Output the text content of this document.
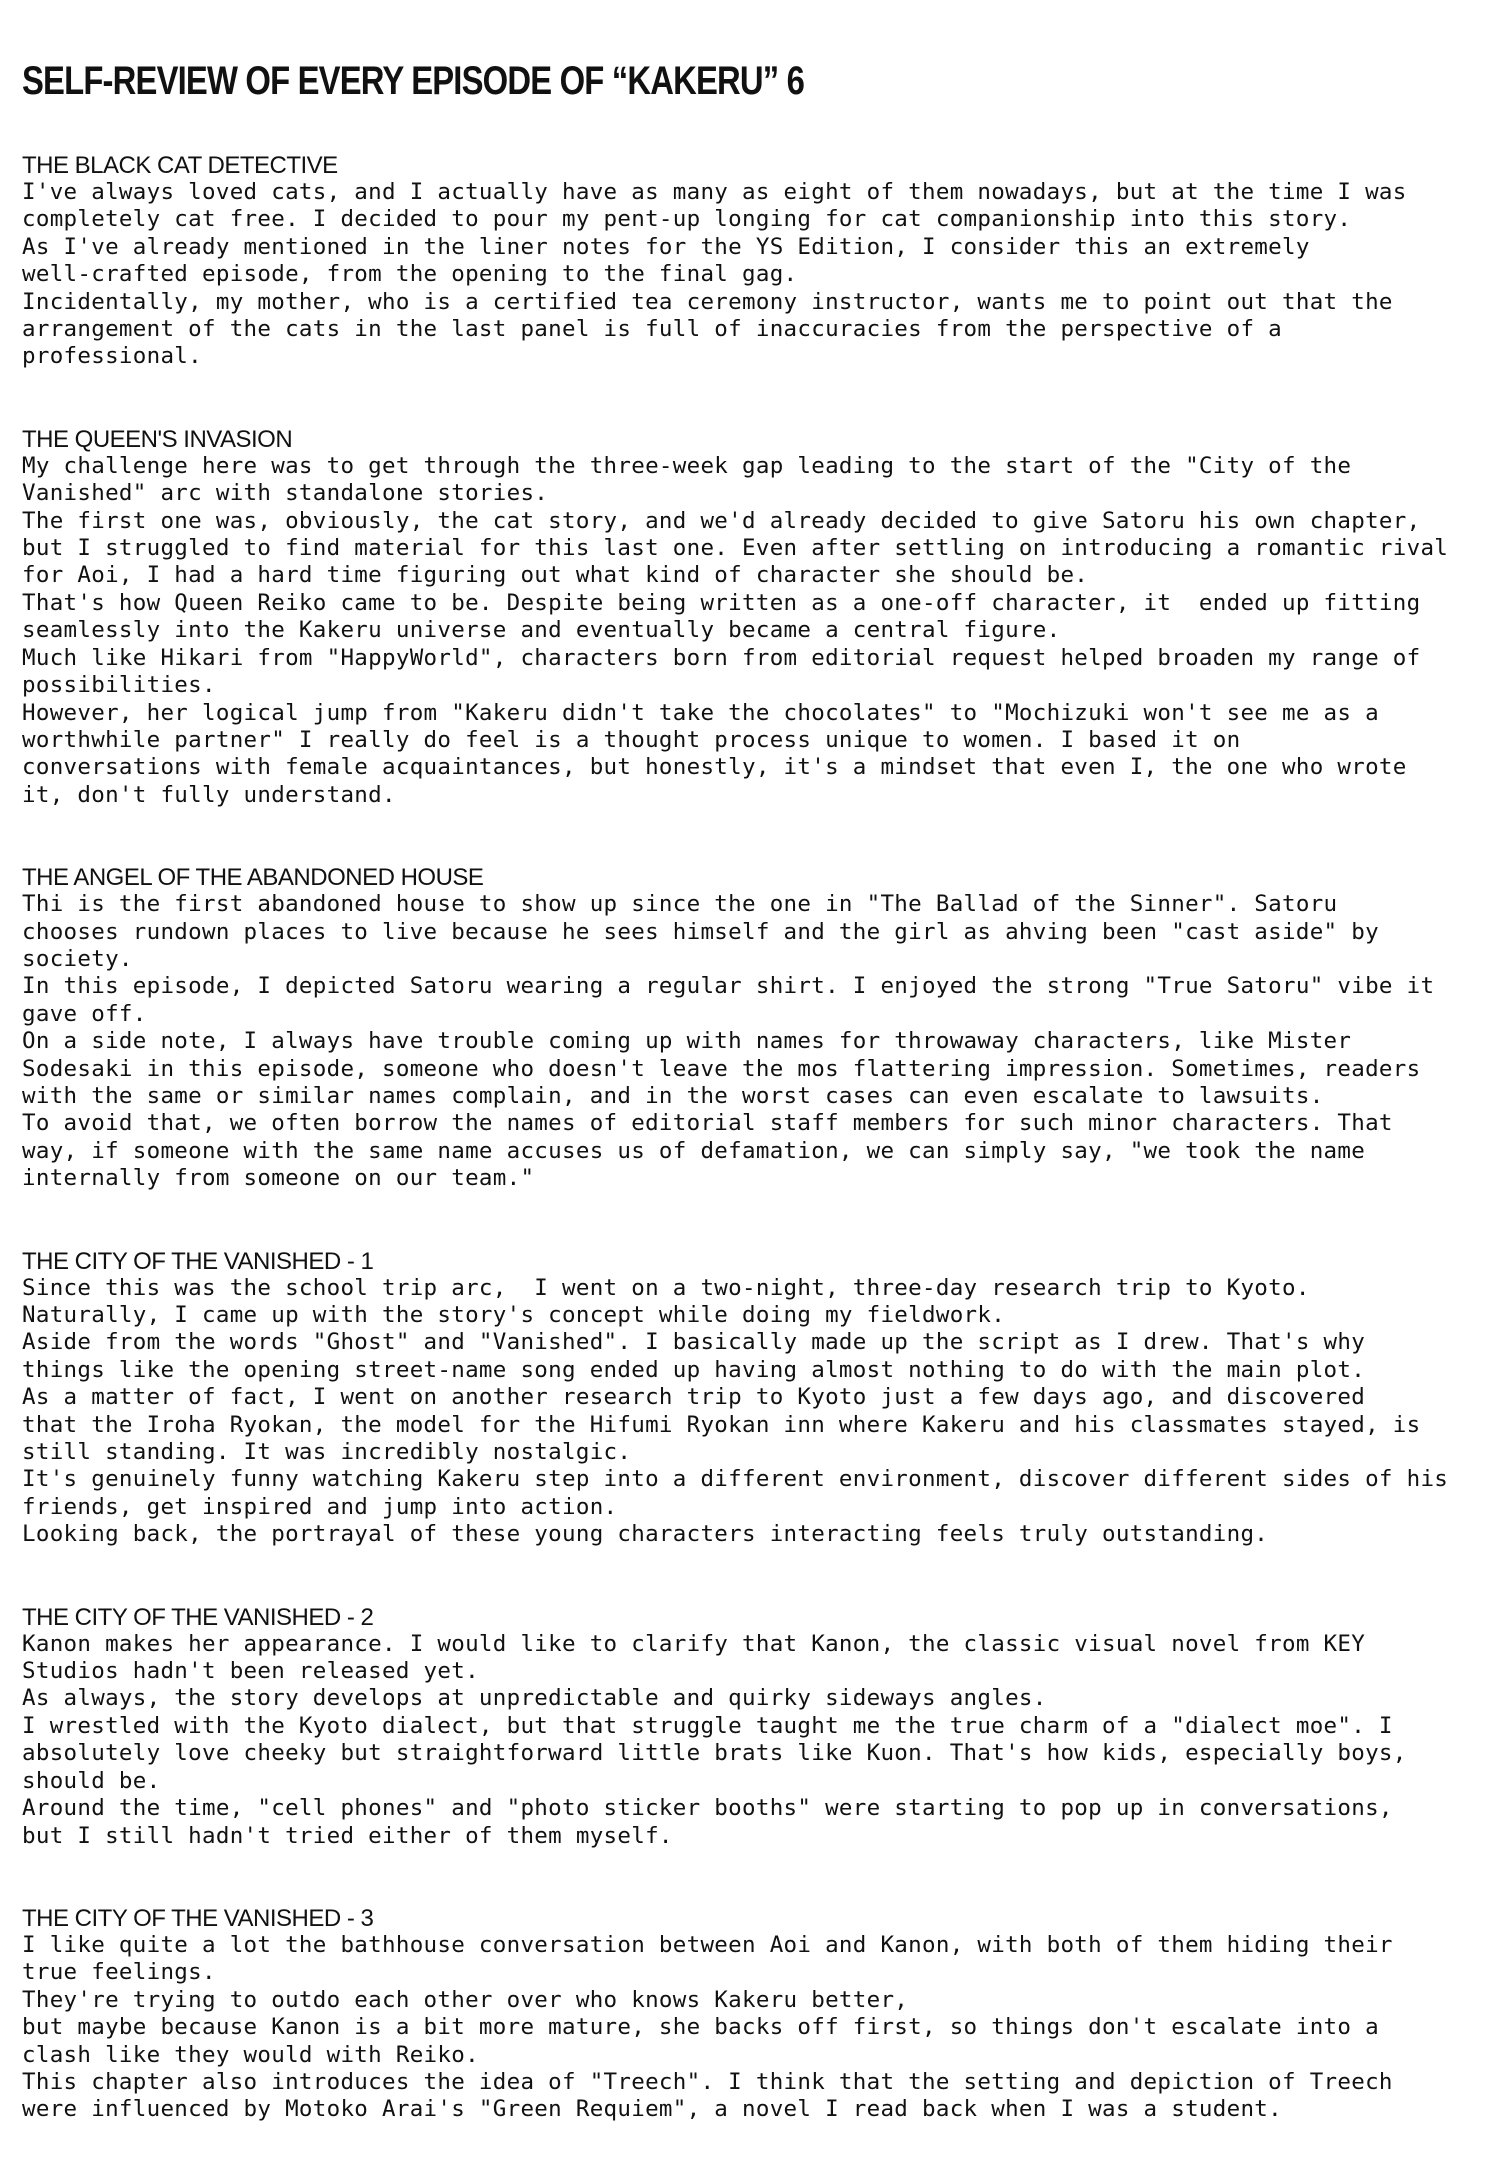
SELF-REVIEW OF EVERY EPISODE OF “KAKERU” 6
THE BLACK CAT DETECTIVE
I've always loved cats, and I actually have as many as eight of them nowadays, but at the time I was
completely cat free. I decided to pour my pent-up longing for cat companionship into this story.
As I've already mentioned in the liner notes for the YS Edition, I consider this an extremely
well-crafted episode, from the opening to the final gag.
Incidentally, my mother, who is a certified tea ceremony instructor, wants me to point out that the
arrangement of the cats in the last panel is full of inaccuracies from the perspective of a
professional.
THE QUEEN'S INVASION
My challenge here was to get through the three-week gap leading to the start of the "City of the
Vanished" arc with standalone stories.
The first one was, obviously, the cat story, and we'd already decided to give Satoru his own chapter,
but I struggled to find material for this last one. Even after settling on introducing a romantic rival
for Aoi, I had a hard time figuring out what kind of character she should be.
That's how Queen Reiko came to be. Despite being written as a one-off character, it  ended up fitting
seamlessly into the Kakeru universe and eventually became a central figure.
Much like Hikari from "HappyWorld", characters born from editorial request helped broaden my range of
possibilities.
However, her logical jump from "Kakeru didn't take the chocolates" to "Mochizuki won't see me as a
worthwhile partner" I really do feel is a thought process unique to women. I based it on
conversations with female acquaintances, but honestly, it's a mindset that even I, the one who wrote
it, don't fully understand.
THE ANGEL OF THE ABANDONED HOUSE
Thi is the first abandoned house to show up since the one in "The Ballad of the Sinner". Satoru
chooses rundown places to live because he sees himself and the girl as ahving been "cast aside" by
society.
In this episode, I depicted Satoru wearing a regular shirt. I enjoyed the strong "True Satoru" vibe it
gave off.
On a side note, I always have trouble coming up with names for throwaway characters, like Mister
Sodesaki in this episode, someone who doesn't leave the mos flattering impression. Sometimes, readers
with the same or similar names complain, and in the worst cases can even escalate to lawsuits.
To avoid that, we often borrow the names of editorial staff members for such minor characters. That
way, if someone with the same name accuses us of defamation, we can simply say, "we took the name
internally from someone on our team."
THE CITY OF THE VANISHED - 1
Since this was the school trip arc,  I went on a two-night, three-day research trip to Kyoto.
Naturally, I came up with the story's concept while doing my fieldwork.
Aside from the words "Ghost" and "Vanished". I basically made up the script as I drew. That's why
things like the opening street-name song ended up having almost nothing to do with the main plot.
As a matter of fact, I went on another research trip to Kyoto just a few days ago, and discovered
that the Iroha Ryokan, the model for the Hifumi Ryokan inn where Kakeru and his classmates stayed, is
still standing. It was incredibly nostalgic.
It's genuinely funny watching Kakeru step into a different environment, discover different sides of his
friends, get inspired and jump into action.
Looking back, the portrayal of these young characters interacting feels truly outstanding.
THE CITY OF THE VANISHED - 2
Kanon makes her appearance. I would like to clarify that Kanon, the classic visual novel from KEY
Studios hadn't been released yet.
As always, the story develops at unpredictable and quirky sideways angles.
I wrestled with the Kyoto dialect, but that struggle taught me the true charm of a "dialect moe". I
absolutely love cheeky but straightforward little brats like Kuon. That's how kids, especially boys,
should be.
Around the time, "cell phones" and "photo sticker booths" were starting to pop up in conversations,
but I still hadn't tried either of them myself.
THE CITY OF THE VANISHED - 3
I like quite a lot the bathhouse conversation between Aoi and Kanon, with both of them hiding their
true feelings.
They're trying to outdo each other over who knows Kakeru better,
but maybe because Kanon is a bit more mature, she backs off first, so things don't escalate into a
clash like they would with Reiko.
This chapter also introduces the idea of "Treech". I think that the setting and depiction of Treech
were influenced by Motoko Arai's "Green Requiem", a novel I read back when I was a student.
